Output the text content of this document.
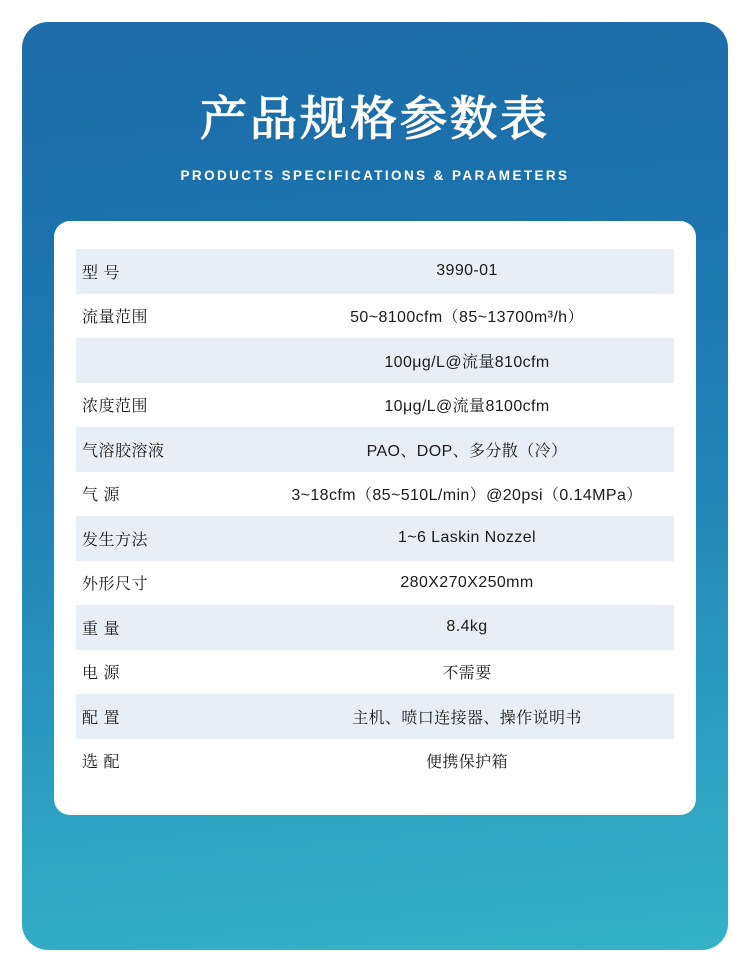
产品规格参数表
PRODUCTS SPECIFICATIONS & PARAMETERS
型 号	3990-01
流量范围	50~8100cfm（85~13700m³/h）
	100μg/L@流量810cfm
浓度范围	10μg/L@流量8100cfm
气溶胶溶液	PAO、DOP、多分散（冷）
气 源	3~18cfm（85~510L/min）@20psi（0.14MPa）
发生方法	1~6 Laskin Nozzel
外形尺寸	280X270X250mm
重 量	8.4kg
电 源	不需要
配 置	主机、喷口连接器、操作说明书
选 配	便携保护箱
